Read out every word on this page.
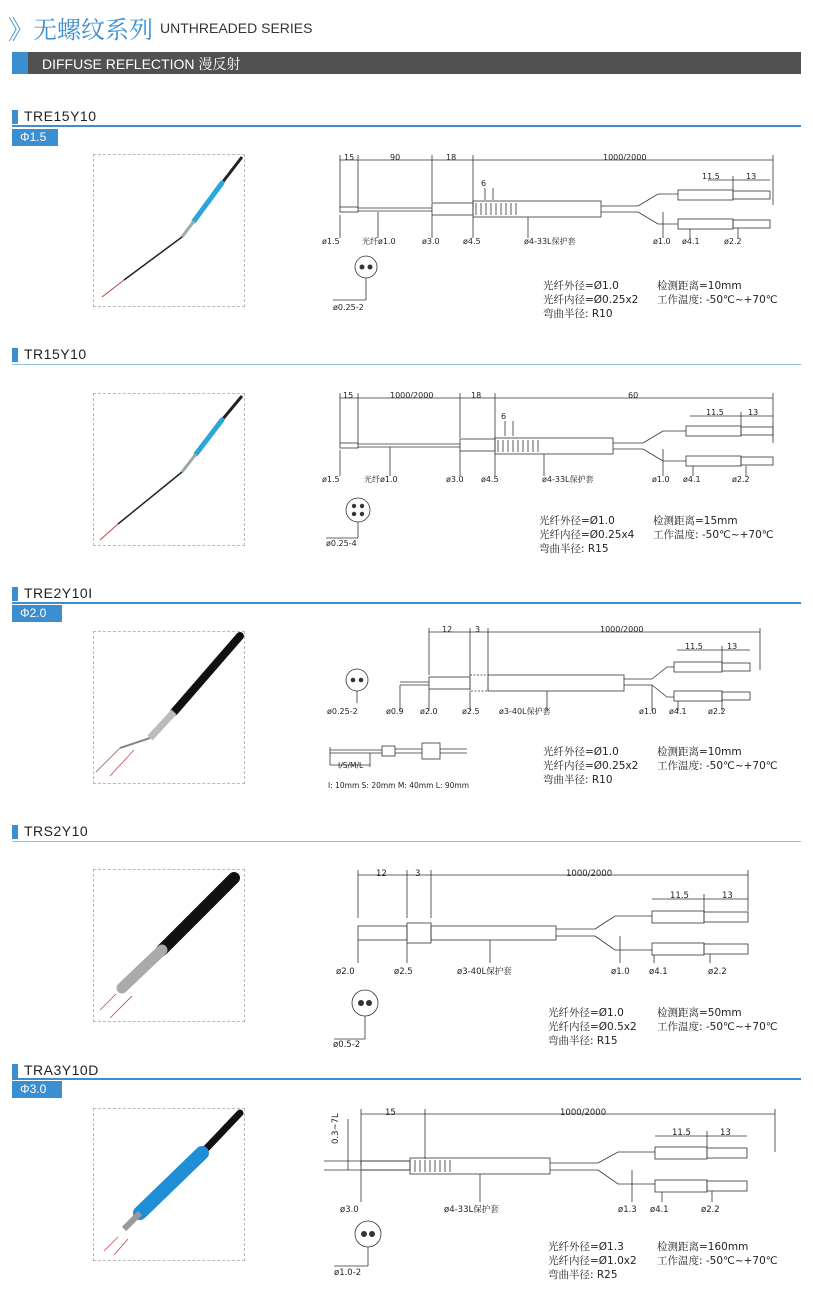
》
无螺纹系列 UNTHREADED SERIES
DIFFUSE REFLECTION 漫反射
TRE15Y10
Φ1.5
15	90	18	1000/2000
6
11.5	13
ø1.5	光纤ø1.0	ø3.0	ø4.5	ø4-33L保护套	ø1.0 ø4.1	ø2.2
ø0.25-2
光纤外径=Ø1.0
光纤内径=Ø0.25x2
弯曲半径: R10
检测距离=10mm
工作温度: -50℃~+70℃
TR15Y10
15	1000/2000	18	60
6	11.5	13
ø1.5	光纤ø1.0	ø3.0 ø4.5	ø4-33L保护套	ø1.0 ø4.1	ø2.2
ø0.25-4
光纤外径=Ø1.0
光纤内径=Ø0.25x4
弯曲半径: R15
检测距离=15mm
工作温度: -50℃~+70℃
TRE2Y10I
Φ2.0
12	3	1000/2000
11.5	13
ø0.25-2	ø0.9 ø2.0	ø2.5 ø3-40L保护套	ø1.0 ø4.1	ø2.2
I/S/M/L
I: 10mm S: 20mm M: 40mm L: 90mm
光纤外径=Ø1.0
光纤内径=Ø0.25x2
弯曲半径: R10
检测距离=10mm
工作温度: -50℃~+70℃
TRS2Y10
12	3	1000/2000
11.5	13
ø2.0	ø2.5	ø3-40L保护套	ø1.0 ø4.1	ø2.2
ø0.5-2
光纤外径=Ø1.0
光纤内径=Ø0.5x2
弯曲半径: R15
检测距离=50mm
工作温度: -50℃~+70℃
TRA3Y10D
Φ3.0
0.3~7L
15	1000/2000
11.5	13
ø3.0	ø4-33L保护套	ø1.3 ø4.1	ø2.2
ø1.0-2
光纤外径=Ø1.3
光纤内径=Ø1.0x2
弯曲半径: R25
检测距离=160mm
工作温度: -50℃~+70℃
